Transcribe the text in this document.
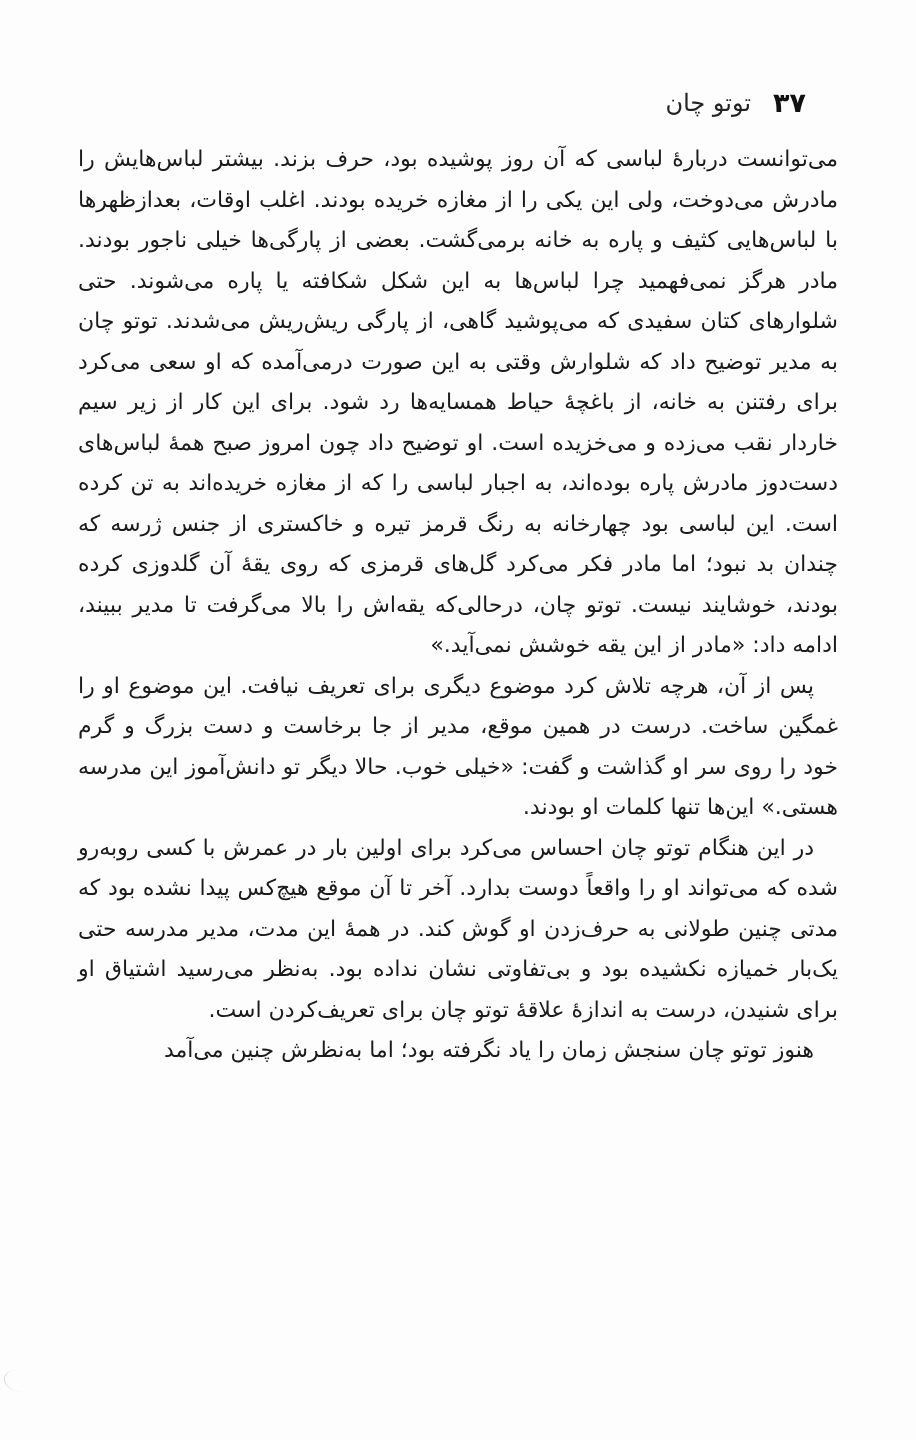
۳۷
توتو چان

می‌توانست دربارهٔ لباسی که آن روز پوشیده بود، حرف بزند. بیشتر لباس‌هایش را مادرش می‌دوخت، ولی این یکی را از مغازه خریده بودند. اغلب اوقات، بعدازظهرها با لباس‌هایی کثیف و پاره به خانه برمی‌گشت. بعضی از پارگی‌ها خیلی ناجور بودند. مادر هرگز نمی‌فهمید چرا لباس‌ها به این شکل شکافته یا پاره می‌شوند. حتی شلوارهای کتان سفیدی که می‌پوشید گاهی، از پارگی ریش‌ریش می‌شدند. توتو چان به مدیر توضیح داد که شلوارش وقتی به این صورت درمی‌آمده که او سعی می‌کرد برای رفتنن به خانه، از باغچهٔ حیاط همسایه‌ها رد شود. برای این کار از زیر سیم خاردار نقب می‌زده و می‌خزیده است. او توضیح داد چون امروز صبح همهٔ لباس‌های دست‌دوز مادرش پاره بوده‌اند، به اجبار لباسی را که از مغازه خریده‌اند به تن کرده است. این لباسی بود چهارخانه به رنگ قرمز تیره و خاکستری از جنس ژرسه که چندان بد نبود؛ اما مادر فکر می‌کرد گل‌های قرمزی که روی یقهٔ آن گلدوزی کرده بودند، خوشایند نیست. توتو چان، درحالی‌که یقه‌اش را بالا می‌گرفت تا مدیر ببیند، ادامه داد: «مادر از این یقه خوشش نمی‌آید.»

پس از آن، هرچه تلاش کرد موضوع دیگری برای تعریف نیافت. این موضوع او را غمگین ساخت. درست در همین موقع، مدیر از جا برخاست و دست بزرگ و گرم خود را روی سر او گذاشت و گفت: «خیلی خوب. حالا دیگر تو دانش‌آموز این مدرسه هستی.» این‌ها تنها کلمات او بودند.

در این هنگام توتو چان احساس می‌کرد برای اولین بار در عمرش با کسی روبه‌رو شده که می‌تواند او را واقعاً دوست بدارد. آخر تا آن موقع هیچ‌کس پیدا نشده بود که مدتی چنین طولانی به حرف‌زدن او گوش کند. در همهٔ این مدت، مدیر مدرسه حتی یک‌بار خمیازه نکشیده بود و بی‌تفاوتی نشان نداده بود. به‌نظر می‌رسید اشتیاق او برای شنیدن، درست به اندازهٔ علاقهٔ توتو چان برای تعریف‌کردن است.

هنوز توتو چان سنجش زمان را یاد نگرفته بود؛ اما به‌نظرش چنین می‌آمد
